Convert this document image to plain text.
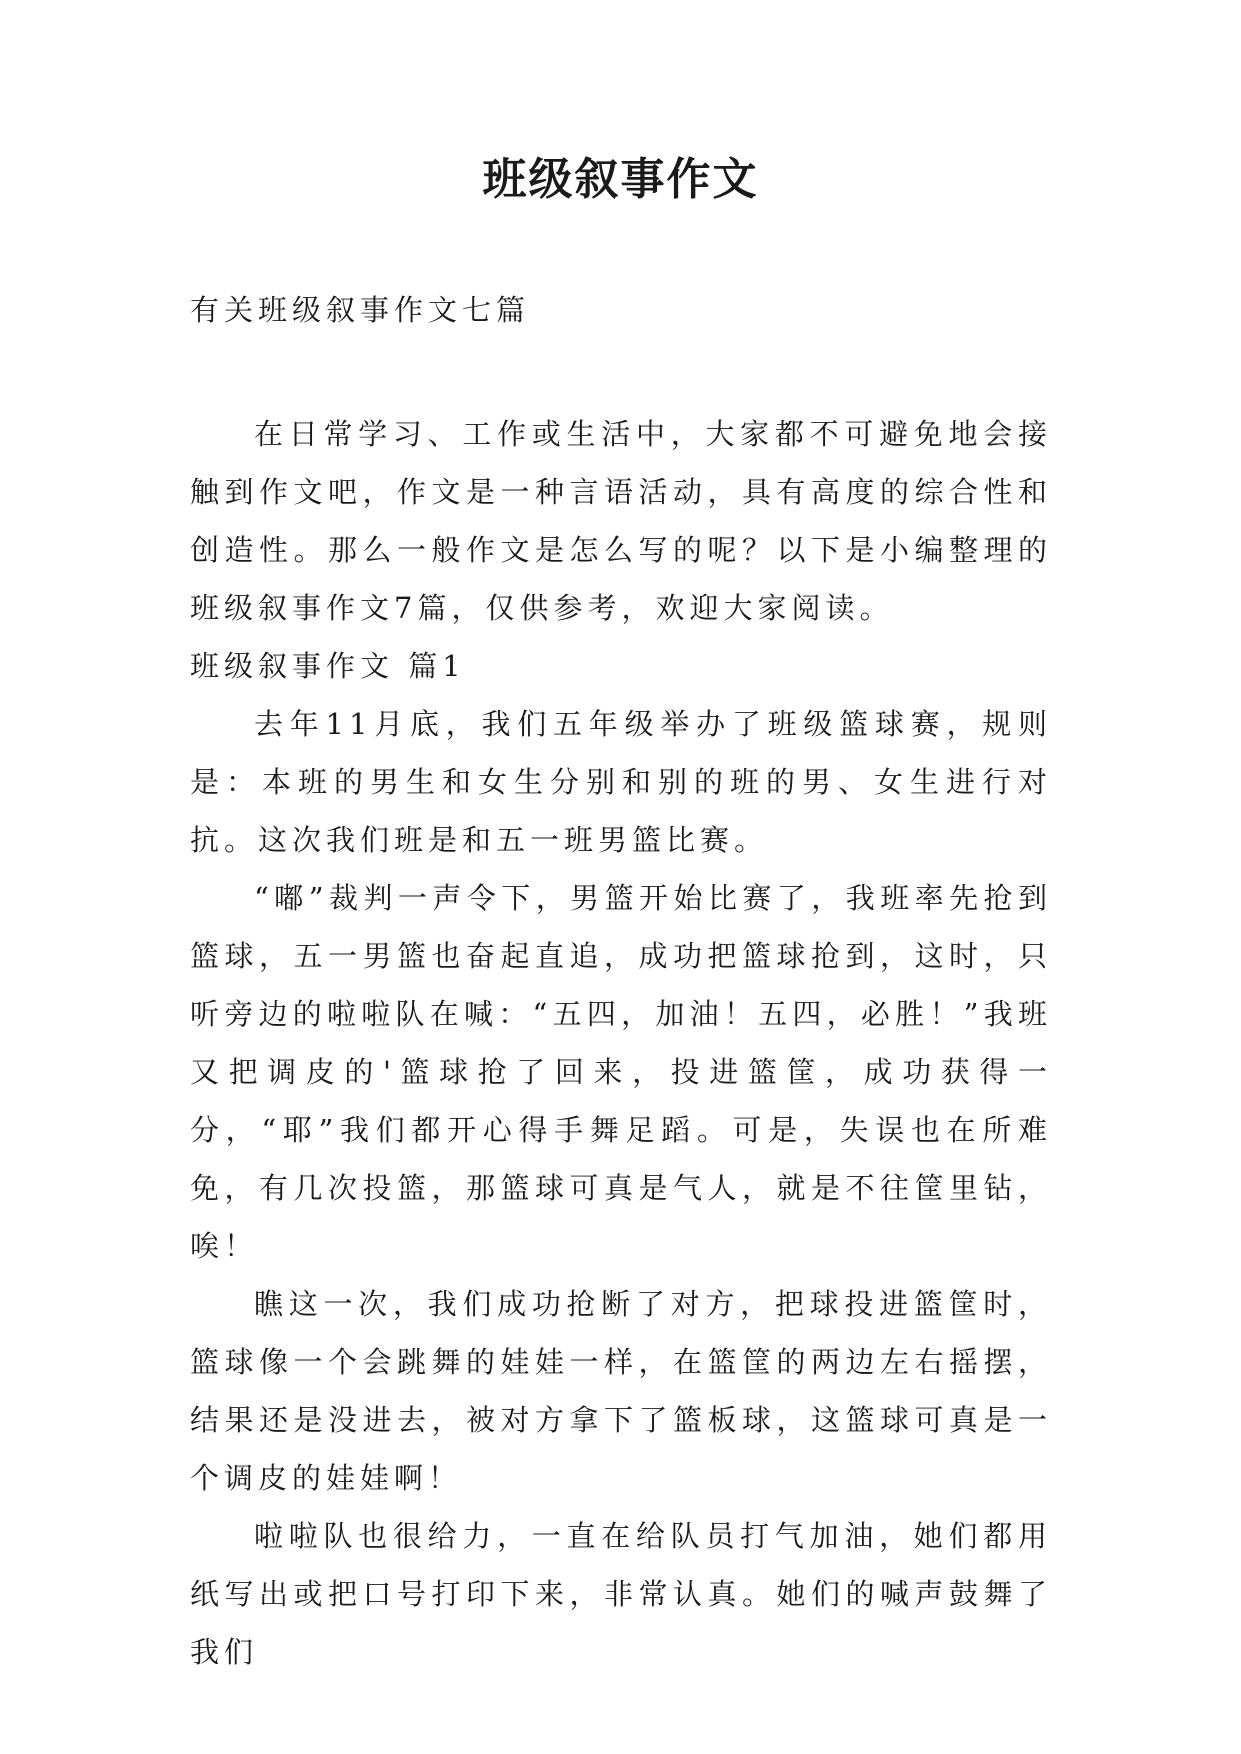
班级叙事作文

有关班级叙事作文七篇

在日常学习、工作或生活中，大家都不可避免地会接触到作文吧，作文是一种言语活动，具有高度的综合性和创造性。那么一般作文是怎么写的呢？以下是小编整理的班级叙事作文7篇，仅供参考，欢迎大家阅读。

班级叙事作文 篇1

去年11月底，我们五年级举办了班级篮球赛，规则是：本班的男生和女生分别和别的班的男、女生进行对抗。这次我们班是和五一班男篮比赛。

“嘟”裁判一声令下，男篮开始比赛了，我班率先抢到篮球，五一男篮也奋起直追，成功把篮球抢到，这时，只听旁边的啦啦队在喊：“五四，加油！五四，必胜！”我班又把调皮的'篮球抢了回来，投进篮筐，成功获得一分，“耶”我们都开心得手舞足蹈。可是，失误也在所难免，有几次投篮，那篮球可真是气人，就是不往筐里钻，唉！

瞧这一次，我们成功抢断了对方，把球投进篮筐时，篮球像一个会跳舞的娃娃一样，在篮筐的两边左右摇摆，结果还是没进去，被对方拿下了篮板球，这篮球可真是一个调皮的娃娃啊！

啦啦队也很给力，一直在给队员打气加油，她们都用纸写出或把口号打印下来，非常认真。她们的喊声鼓舞了我们
